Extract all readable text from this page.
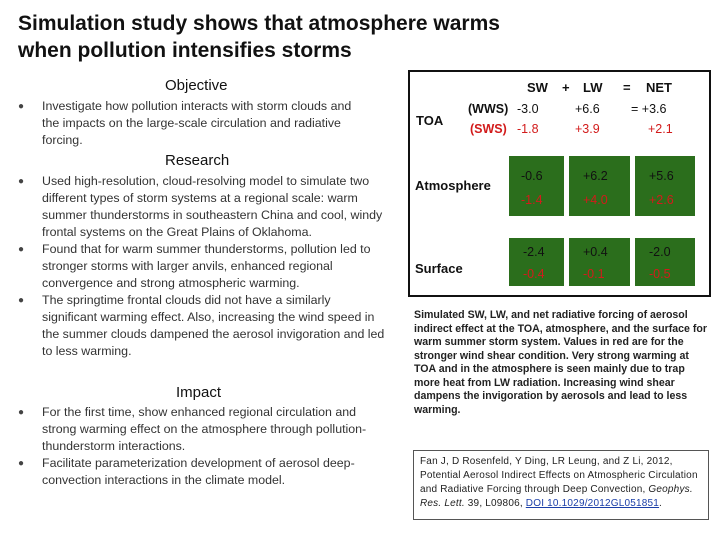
Simulation study shows that atmosphere warms when pollution intensifies storms
Objective
● Investigate how pollution interacts with storm clouds and the impacts on the large-scale circulation and radiative forcing.
Research
● Used high-resolution, cloud-resolving model to simulate two different types of storm systems at a regional scale: warm summer thunderstorms in southeastern China and cool, windy frontal systems on the Great Plains of Oklahoma.
● Found that for warm summer thunderstorms, pollution led to stronger storms with larger anvils, enhanced regional convergence and strong atmospheric warming.
● The springtime frontal clouds did not have a similarly significant warming effect. Also, increasing the wind speed in the summer clouds dampened the aerosol invigoration and led to less warming.
Impact
● For the first time, show enhanced regional circulation and strong warming effect on the atmosphere through pollution-thunderstorm interactions.
● Facilitate parameterization development of aerosol deep-convection interactions in the climate model.
SW + LW = NET
TOA
(WWS) -3.0	+6.6	= +3.6
(SWS) -1.8	+3.9	+2.1
Atmosphere
-0.6	+6.2	+5.6
-1.4	+4.0	+2.6
Surface
-2.4	+0.4	-2.0
-0.4	-0.1	-0.5
Simulated SW, LW, and net radiative forcing of aerosol indirect effect at the TOA, atmosphere, and the surface for warm summer storm system. Values in red are for the stronger wind shear condition. Very strong warming at TOA and in the atmosphere is seen mainly due to trap more heat from LW radiation. Increasing wind shear dampens the invigoration by aerosols and lead to less warming.
Fan J, D Rosenfeld, Y Ding, LR Leung, and Z Li, 2012, Potential Aerosol Indirect Effects on Atmospheric Circulation and Radiative Forcing through Deep Convection, Geophys. Res. Lett. 39, L09806, DOI 10.1029/2012GL051851.
